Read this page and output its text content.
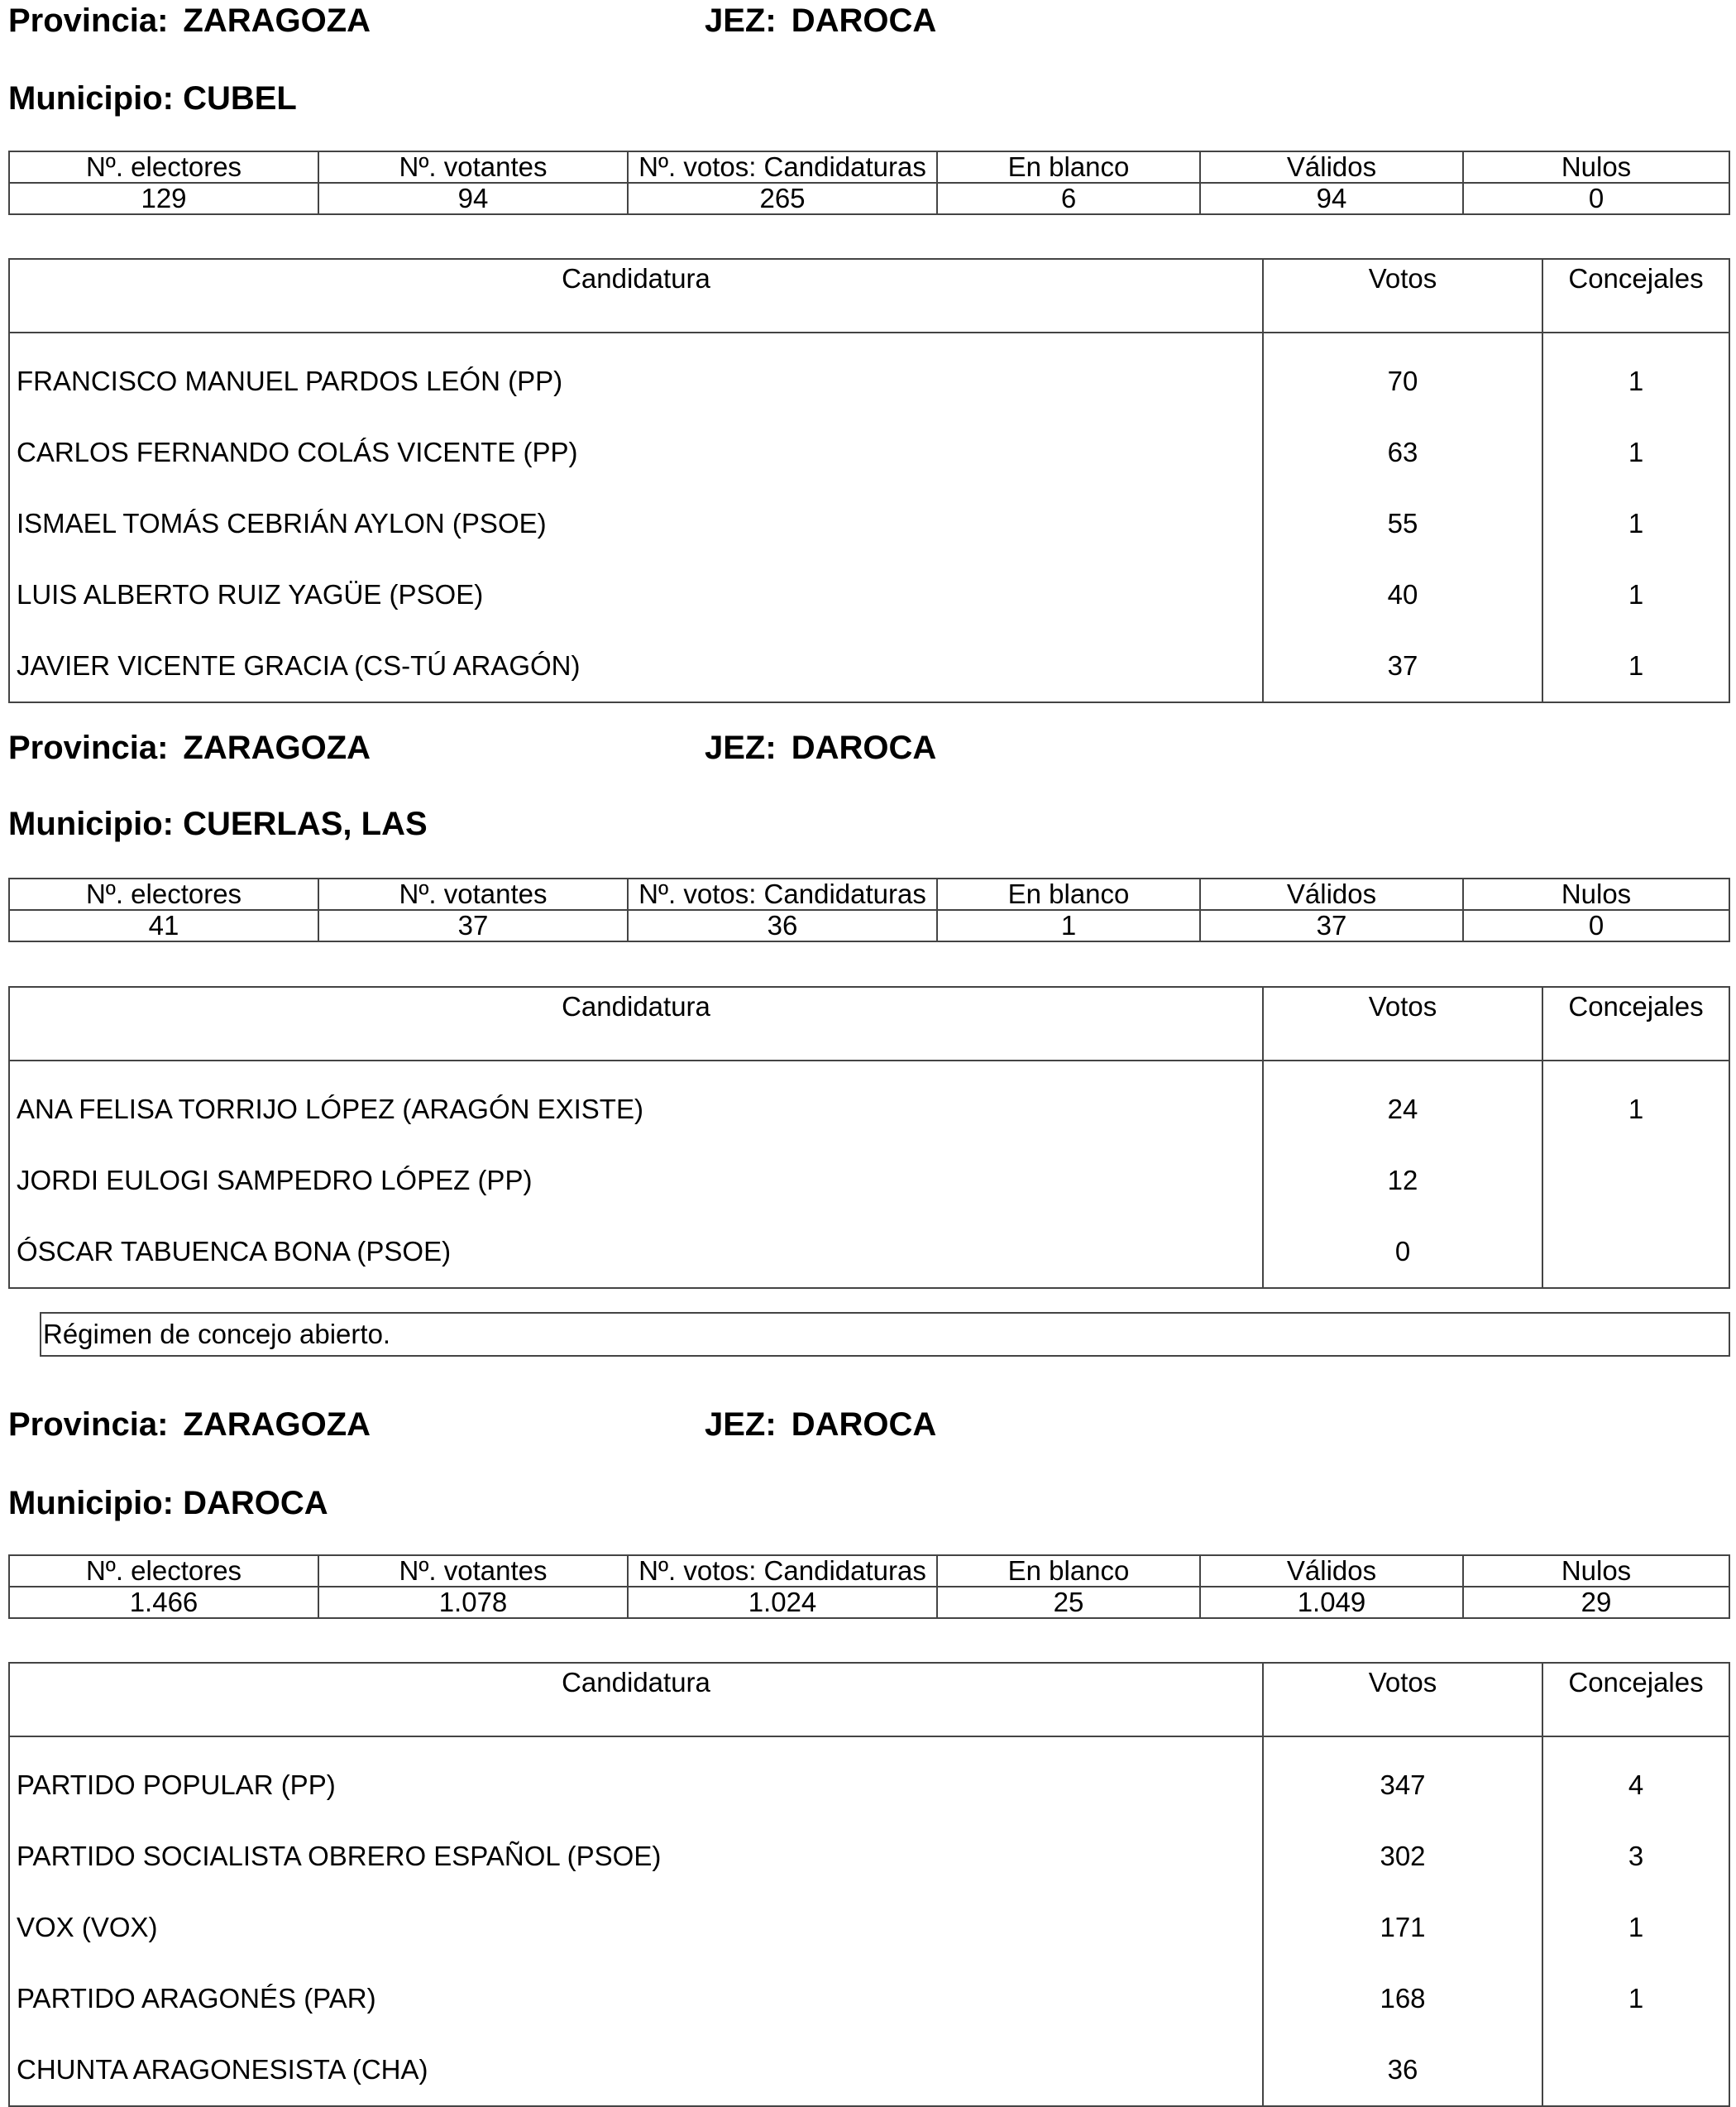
Provincia: ZARAGOZA	JEZ: DAROCA
Municipio: CUBEL
Nº. electores	Nº. votantes	Nº. votos: Candidaturas	En blanco	Válidos	Nulos
129	94	265	6	94	0
Candidatura	Votos	Concejales
FRANCISCO MANUEL PARDOS LEÓN (PP)	70	1
CARLOS FERNANDO COLÁS VICENTE (PP)	63	1
ISMAEL TOMÁS CEBRIÁN AYLON (PSOE)	55	1
LUIS ALBERTO RUIZ YAGÜE (PSOE)	40	1
JAVIER VICENTE GRACIA (CS-TÚ ARAGÓN)	37	1
Provincia: ZARAGOZA	JEZ: DAROCA
Municipio: CUERLAS, LAS
Nº. electores	Nº. votantes	Nº. votos: Candidaturas	En blanco	Válidos	Nulos
41	37	36	1	37	0
Candidatura	Votos	Concejales
ANA FELISA TORRIJO LÓPEZ (ARAGÓN EXISTE)	24	1
JORDI EULOGI SAMPEDRO LÓPEZ (PP)	12	
ÓSCAR TABUENCA BONA (PSOE)	0	
Régimen de concejo abierto.
Provincia: ZARAGOZA	JEZ: DAROCA
Municipio: DAROCA
Nº. electores	Nº. votantes	Nº. votos: Candidaturas	En blanco	Válidos	Nulos
1.466	1.078	1.024	25	1.049	29
Candidatura	Votos	Concejales
PARTIDO POPULAR (PP)	347	4
PARTIDO SOCIALISTA OBRERO ESPAÑOL (PSOE)	302	3
VOX (VOX)	171	1
PARTIDO ARAGONÉS (PAR)	168	1
CHUNTA ARAGONESISTA (CHA)	36	
